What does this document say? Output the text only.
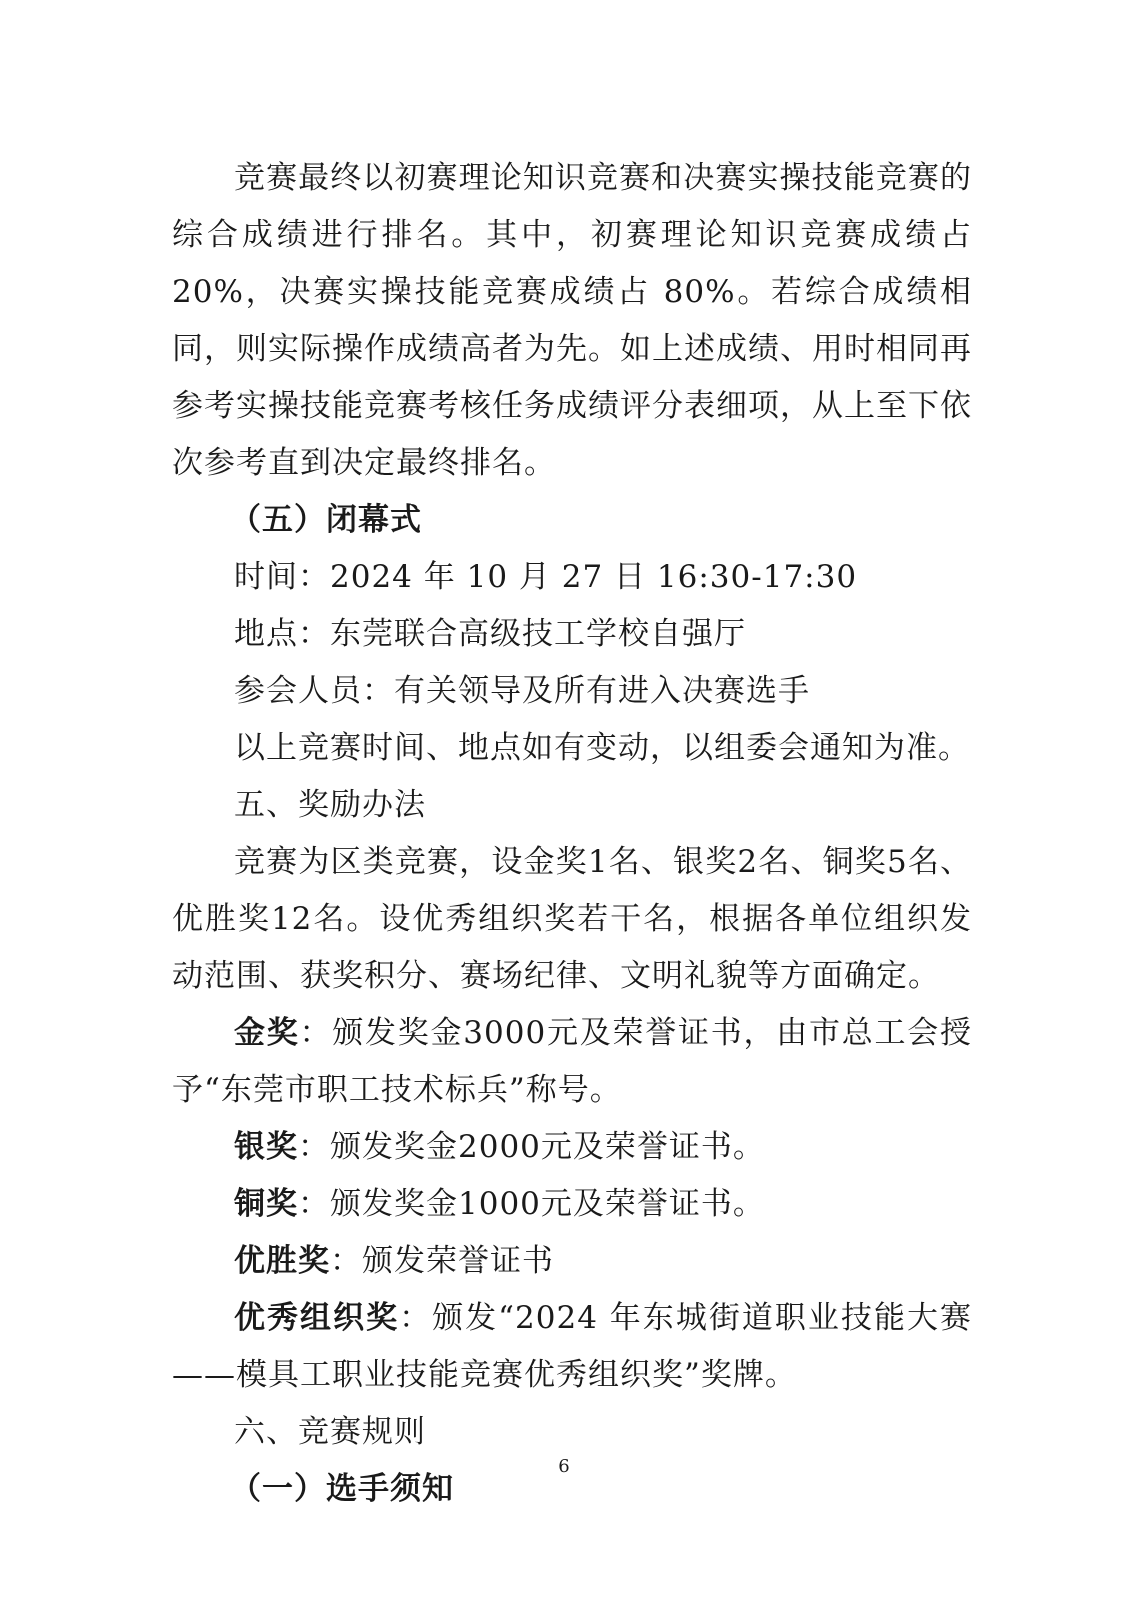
竞赛最终以初赛理论知识竞赛和决赛实操技能竞赛的综合成绩进行排名。其中，初赛理论知识竞赛成绩占 20%，决赛实操技能竞赛成绩占 80%。若综合成绩相同，则实际操作成绩高者为先。如上述成绩、用时相同再参考实操技能竞赛考核任务成绩评分表细项，从上至下依次参考直到决定最终排名。

（五）闭幕式

时间：2024 年 10 月 27 日 16:30-17:30

地点：东莞联合高级技工学校自强厅

参会人员：有关领导及所有进入决赛选手

以上竞赛时间、地点如有变动，以组委会通知为准。

五、奖励办法

竞赛为区类竞赛，设金奖1名、银奖2名、铜奖5名、优胜奖12名。设优秀组织奖若干名，根据各单位组织发动范围、获奖积分、赛场纪律、文明礼貌等方面确定。

金奖：颁发奖金3000元及荣誉证书，由市总工会授予“东莞市职工技术标兵”称号。

银奖：颁发奖金2000元及荣誉证书。

铜奖：颁发奖金1000元及荣誉证书。

优胜奖：颁发荣誉证书

优秀组织奖：颁发“2024 年东城街道职业技能大赛——模具工职业技能竞赛优秀组织奖”奖牌。

六、竞赛规则

（一）选手须知

6
